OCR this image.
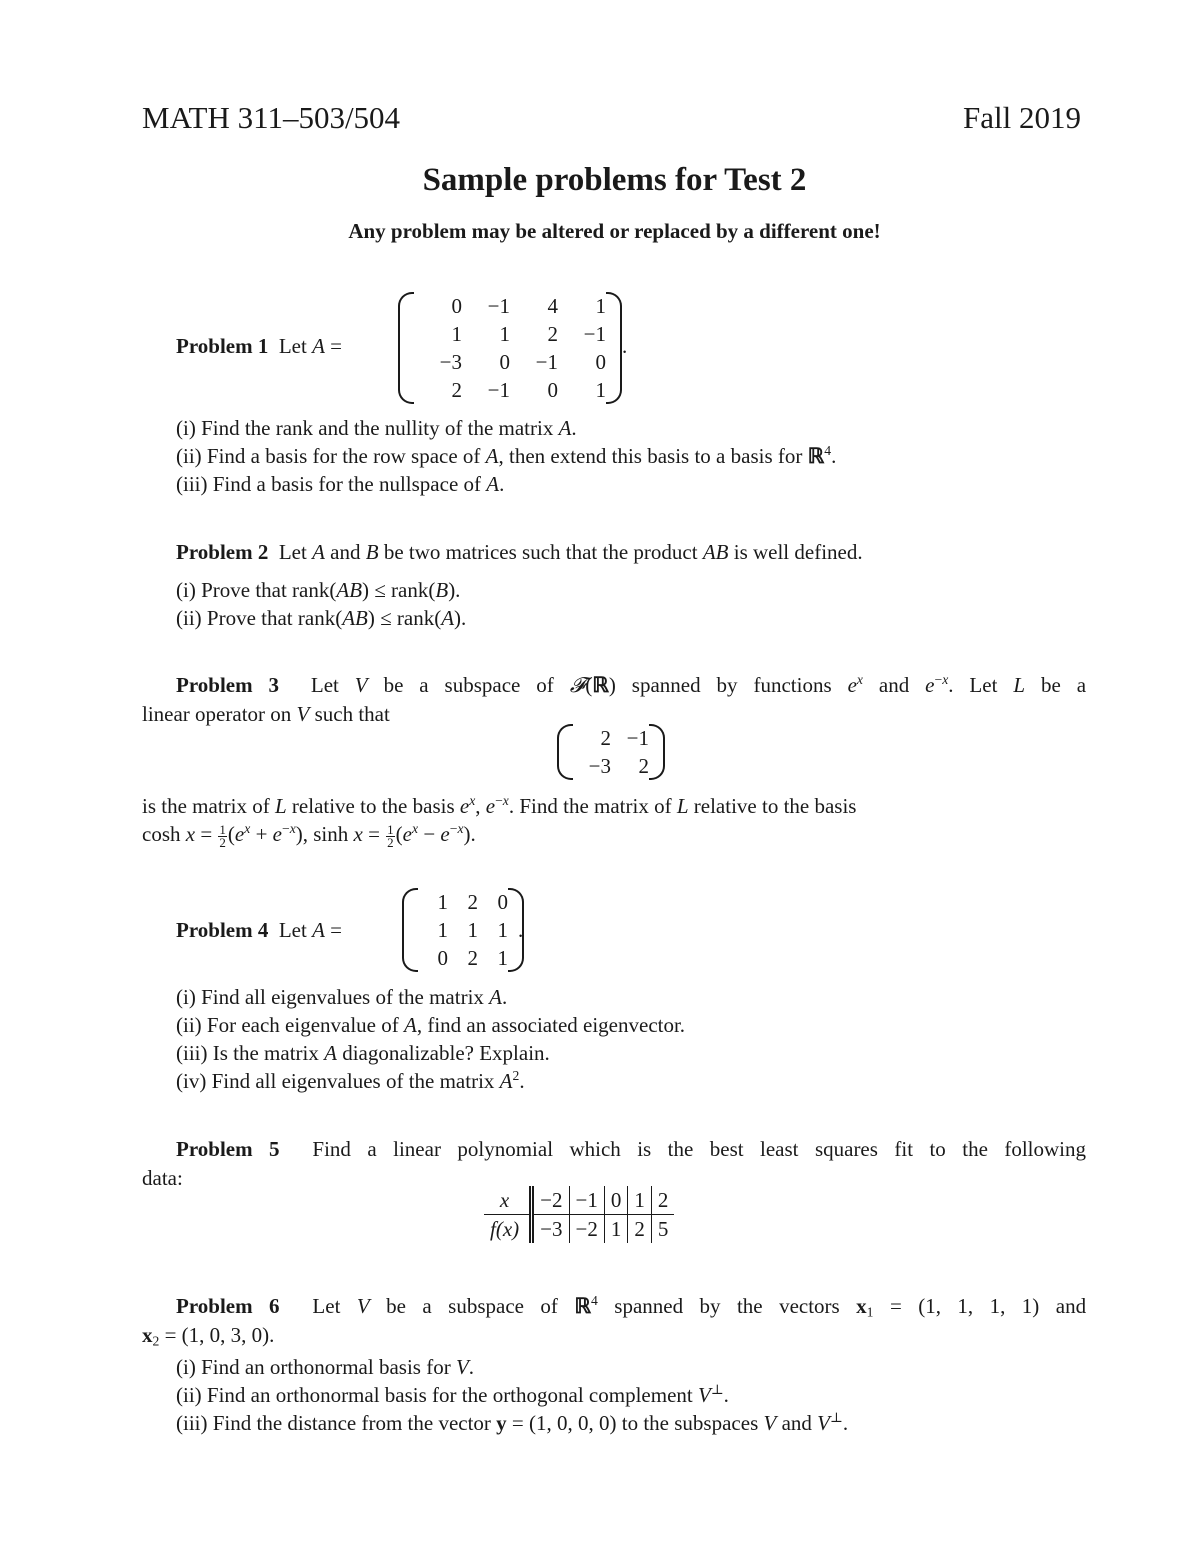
MATH 311–503/504	Fall 2019
Sample problems for Test 2
Any problem may be altered or replaced by a different one!
Problem 1  Let A =
0	−1	4	1
1	1	2	−1
−3	0	−1	0
2	−1	0	1
.
(i) Find the rank and the nullity of the matrix A.
(ii) Find a basis for the row space of A, then extend this basis to a basis for ℝ$^4$.
(iii) Find a basis for the nullspace of A.
Problem 2  Let A and B be two matrices such that the product AB is well defined.
(i) Prove that rank(AB) ≤ rank(B).
(ii) Prove that rank(AB) ≤ rank(A).
Problem 3  Let V be a subspace of 𝓕(ℝ) spanned by functions $e^x$ and $e^{-x}$. Let L be a
linear operator on V such that
2	−1
−3	2
is the matrix of L relative to the basis $e^x$, $e^{-x}$. Find the matrix of L relative to the basis
$\cosh x = \frac{1}{2} (e^x + e^{-x})$, $\sinh x = \frac{1}{2} (e^x - e^{-x})$.
Problem 4  Let A =
1	2	0
1	1	1
0	2	1
.
(i) Find all eigenvalues of the matrix A.
(ii) For each eigenvalue of A, find an associated eigenvector.
(iii) Is the matrix A diagonalizable? Explain.
(iv) Find all eigenvalues of the matrix $A^2$.
Problem 5 Find a linear polynomial which is the best least squares fit to the following
data:
x	−2	−1	0	1	2
f(x)	−3	−2	1	2	5
Problem 6  Let V be a subspace of ℝ$^4$ spanned by the vectors $x_1 = (1$, 1, 1, 1) and
$x_2 = (1$, 0, 3, 0).
(i) Find an orthonormal basis for V.
(ii) Find an orthonormal basis for the orthogonal complement V⊥.
(iii) Find the distance from the vector y = (1, 0, 0, 0) to the subspaces V and V⊥.
